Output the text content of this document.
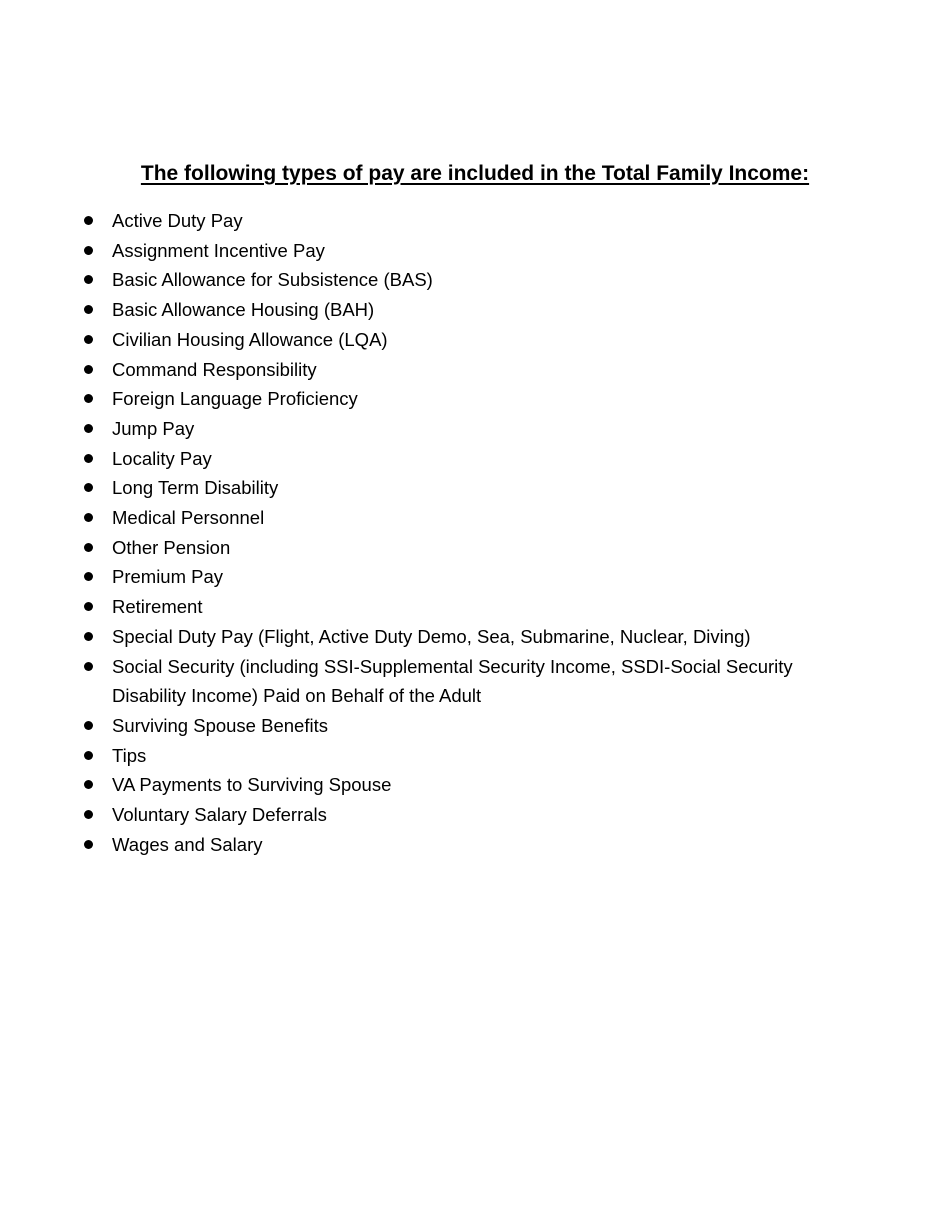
The following types of pay are included in the Total Family Income:
Active Duty Pay
Assignment Incentive Pay
Basic Allowance for Subsistence (BAS)
Basic Allowance Housing (BAH)
Civilian Housing Allowance (LQA)
Command Responsibility
Foreign Language Proficiency
Jump Pay
Locality Pay
Long Term Disability
Medical Personnel
Other Pension
Premium Pay
Retirement
Special Duty Pay (Flight, Active Duty Demo, Sea, Submarine, Nuclear, Diving)
Social Security (including SSI-Supplemental Security Income, SSDI-Social Security Disability Income) Paid on Behalf of the Adult
Surviving Spouse Benefits
Tips
VA Payments to Surviving Spouse
Voluntary Salary Deferrals
Wages and Salary
